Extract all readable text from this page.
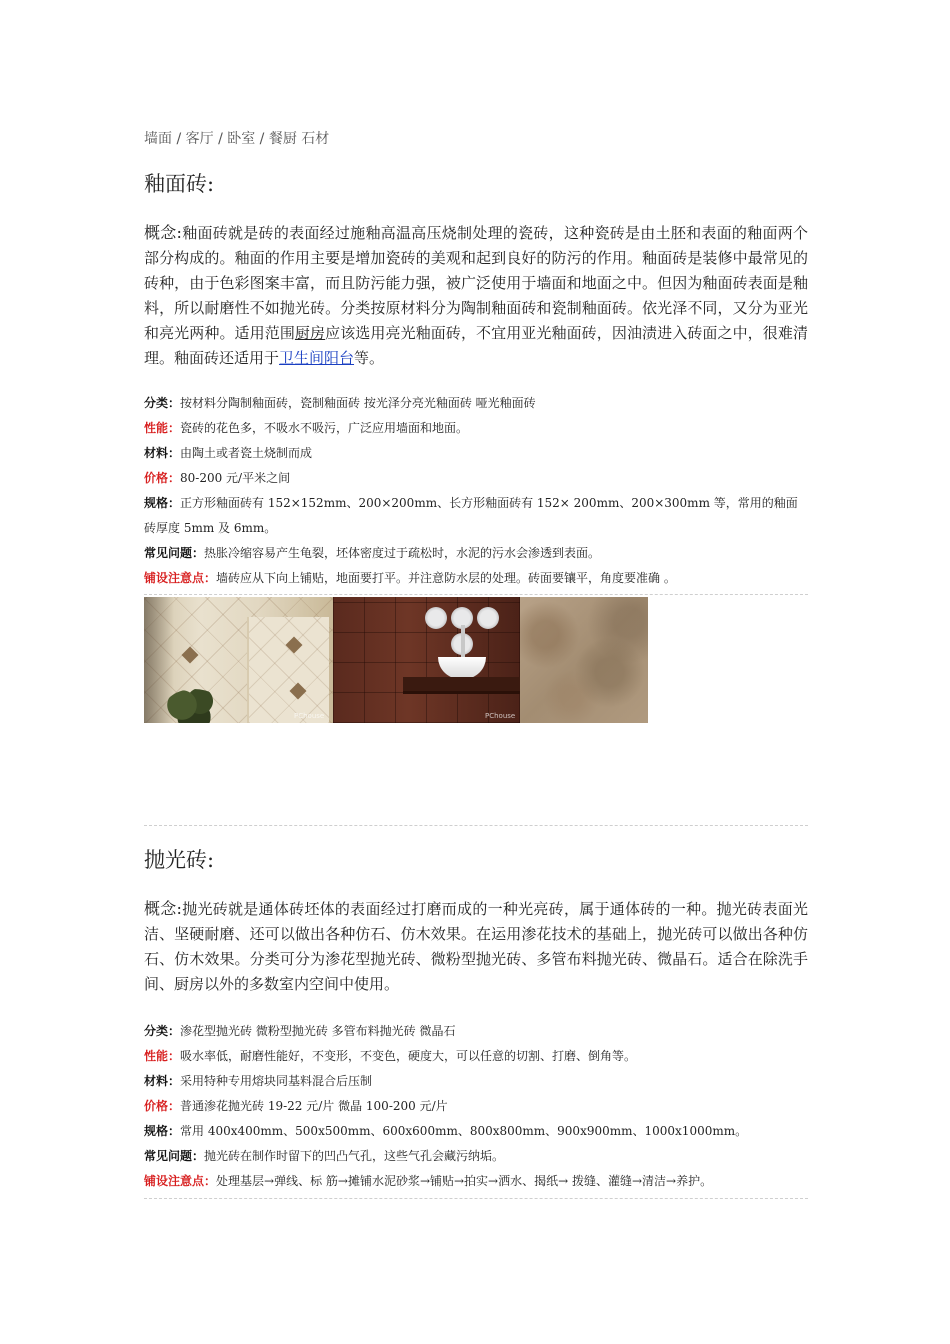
墙面 / 客厅 / 卧室 / 餐厨 石材
釉面砖:

概念:釉面砖就是砖的表面经过施釉高温高压烧制处理的瓷砖，这种瓷砖是由土胚和表面的釉面两个部分构成的。釉面的作用主要是增加瓷砖的美观和起到良好的防污的作用。釉面砖是装修中最常见的砖种，由于色彩图案丰富，而且防污能力强，被广泛使用于墙面和地面之中。但因为釉面砖表面是釉料，所以耐磨性不如抛光砖。分类按原材料分为陶制釉面砖和瓷制釉面砖。依光泽不同，又分为亚光和亮光两种。适用范围厨房应该选用亮光釉面砖，不宜用亚光釉面砖，因油渍进入砖面之中，很难清理。釉面砖还适用于卫生间阳台等。

分类：按材料分陶制釉面砖，瓷制釉面砖 按光泽分亮光釉面砖 哑光釉面砖
性能：瓷砖的花色多，不吸水不吸污，广泛应用墙面和地面。
材料：由陶土或者瓷土烧制而成
价格：80-200 元/平米之间
规格：正方形釉面砖有 152×152mm、200×200mm、长方形釉面砖有 152× 200mm、200×300mm 等，常用的釉面砖厚度 5mm 及 6mm。
常见问题：热胀冷缩容易产生龟裂，坯体密度过于疏松时，水泥的污水会渗透到表面。
铺设注意点：墙砖应从下向上铺贴，地面要打平。并注意防水层的处理。砖面要镶平，角度要准确 。
PChouse	PChouse
抛光砖:

概念:抛光砖就是通体砖坯体的表面经过打磨而成的一种光亮砖，属于通体砖的一种。抛光砖表面光洁、坚硬耐磨、还可以做出各种仿石、仿木效果。在运用渗花技术的基础上，抛光砖可以做出各种仿石、仿木效果。分类可分为渗花型抛光砖、微粉型抛光砖、多管布料抛光砖、微晶石。适合在除洗手间、厨房以外的多数室内空间中使用。

分类：渗花型抛光砖 微粉型抛光砖 多管布料抛光砖 微晶石
性能：吸水率低，耐磨性能好，不变形，不变色，硬度大，可以任意的切割、打磨、倒角等。
材料：采用特种专用熔块同基料混合后压制
价格：普通渗花抛光砖 19-22 元/片 微晶 100-200 元/片
规格：常用 400x400mm、500x500mm、600x600mm、800x800mm、900x900mm、1000x1000mm。
常见问题：抛光砖在制作时留下的凹凸气孔，这些气孔会藏污纳垢。
铺设注意点：处理基层→弹线、标 筋→摊铺水泥砂浆→铺贴→拍实→洒水、揭纸→ 拨缝、灌缝→清洁→养护。
